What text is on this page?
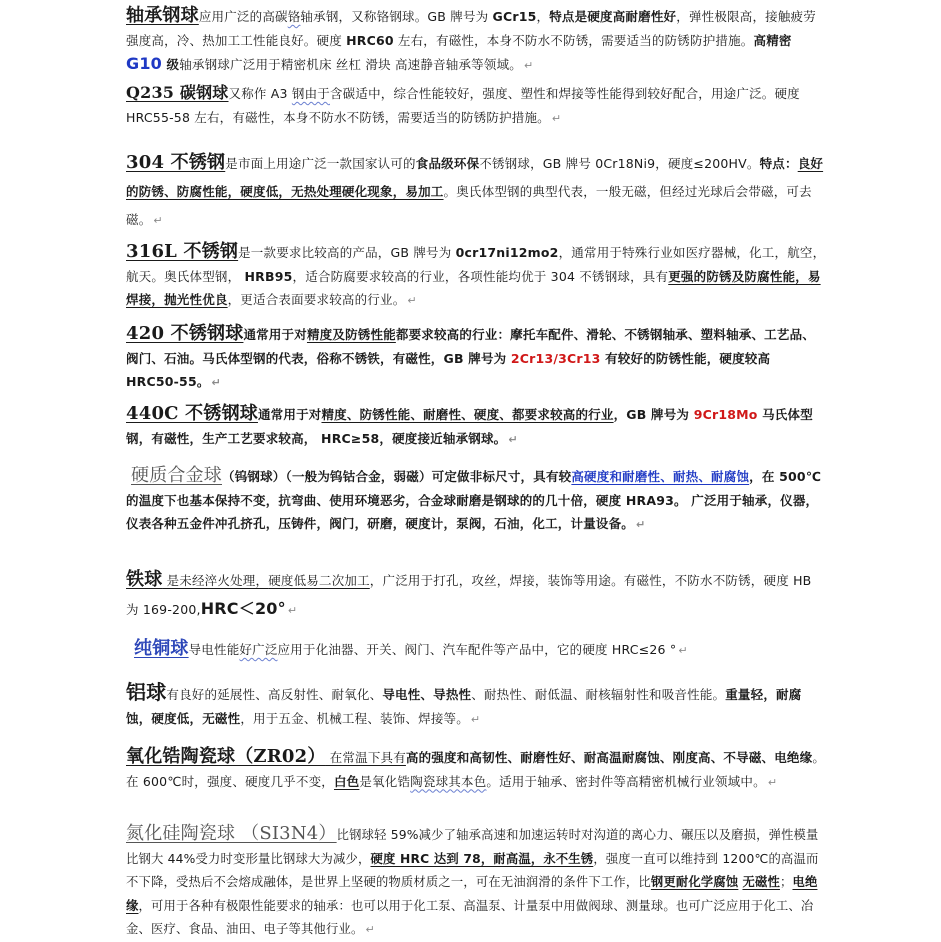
轴承钢球应用广泛的高碳铬轴承钢，又称铬钢球。GB 牌号为 GCr15，特点是硬度高耐磨性好，弹性极限高，接触疲劳强度高，冷、热加工工性能良好。硬度 HRC60 左右，有磁性，本身不防水不防锈，需要适当的防锈防护措施。高精密 G10 级轴承钢球广泛用于精密机床 丝杠 滑块 高速静音轴承等领域。 ↵
Q235 碳钢球又称作 A3 钢由于含碳适中，综合性能较好，强度、塑性和焊接等性能得到较好配合，用途广泛。硬度 HRC55-58 左右，有磁性，本身不防水不防锈，需要适当的防锈防护措施。 ↵
304 不锈钢是市面上用途广泛一款国家认可的食品级环保不锈钢球，GB 牌号 0Cr18Ni9，硬度≤200HV。特点：良好的防锈、防腐性能，硬度低，无热处理硬化现象，易加工。奥氏体型钢的典型代表，一般无磁，但经过光球后会带磁，可去磁。 ↵
316L 不锈钢是一款要求比较高的产品，GB 牌号为 0cr17ni12mo2，通常用于特殊行业如医疗器械，化工，航空，航天。奥氏体型钢， HRB95，适合防腐要求较高的行业，各项性能均优于 304 不锈钢球，具有更强的防锈及防腐性能，易焊接，抛光性优良，更适合表面要求较高的行业。 ↵
420 不锈钢球通常用于对精度及防锈性能都要求较高的行业：摩托车配件、滑轮、不锈钢轴承、塑料轴承、工艺品、阀门、石油。马氏体型钢的代表，俗称不锈铁，有磁性，GB 牌号为 2Cr13/3Cr13 有较好的防锈性能，硬度较高 HRC50-55。 ↵
440C 不锈钢球通常用于对精度、防锈性能、耐磨性、硬度、都要求较高的行业，GB 牌号为 9Cr18Mo 马氏体型钢，有磁性，生产工艺要求较高， HRC≥58，硬度接近轴承钢球。 ↵
硬质合金球（钨钢球）（一般为钨钴合金，弱磁）可定做非标尺寸，具有较高硬度和耐磨性、耐热、耐腐蚀，在 500℃的温度下也基本保持不变，抗弯曲、使用环境恶劣，合金球耐磨是钢球的的几十倍，硬度 HRA93。 广泛用于轴承，仪器，仪表各种五金件冲孔挤孔，压铸件，阀门，研磨，硬度计，泵阀，石油，化工，计量设备。 ↵
铁球 是未经淬火处理，硬度低易二次加工，广泛用于打孔，攻丝，焊接，装饰等用途。有磁性，不防水不防锈，硬度 HB 为 169-200,HRC＜20° ↵
纯铜球导电性能好广泛应用于化油器、开关、阀门、汽车配件等产品中，它的硬度 HRC≤26 ° ↵
铝球有良好的延展性、高反射性、耐氧化、导电性、导热性、耐热性、耐低温、耐核辐射性和吸音性能。重量轻，耐腐蚀，硬度低，无磁性，用于五金、机械工程、装饰、焊接等。 ↵
氧化锆陶瓷球（ZR02） 在常温下具有高的强度和高韧性、耐磨性好、耐高温耐腐蚀、刚度高、不导磁、电绝缘。在 600℃时，强度、硬度几乎不变，白色是氧化锆陶瓷球其本色。适用于轴承、密封件等高精密机械行业领域中。 ↵
氮化硅陶瓷球 （SI3N4）比钢球轻 59%减少了轴承高速和加速运转时对沟道的离心力、碾压以及磨损，弹性模量比钢大 44%受力时变形量比钢球大为减少，硬度 HRC 达到 78，耐高温，永不生锈，强度一直可以维持到 1200℃的高温而不下降，受热后不会熔成融体，是世界上坚硬的物质材质之一，可在无油润滑的条件下工作，比钢更耐化学腐蚀 无磁性；电绝缘，可用于各种有极限性能要求的轴承：也可以用于化工泵、高温泵、计量泵中用做阀球、测量球。也可广泛应用于化工、冶金、医疗、食品、油田、电子等其他行业。 ↵
